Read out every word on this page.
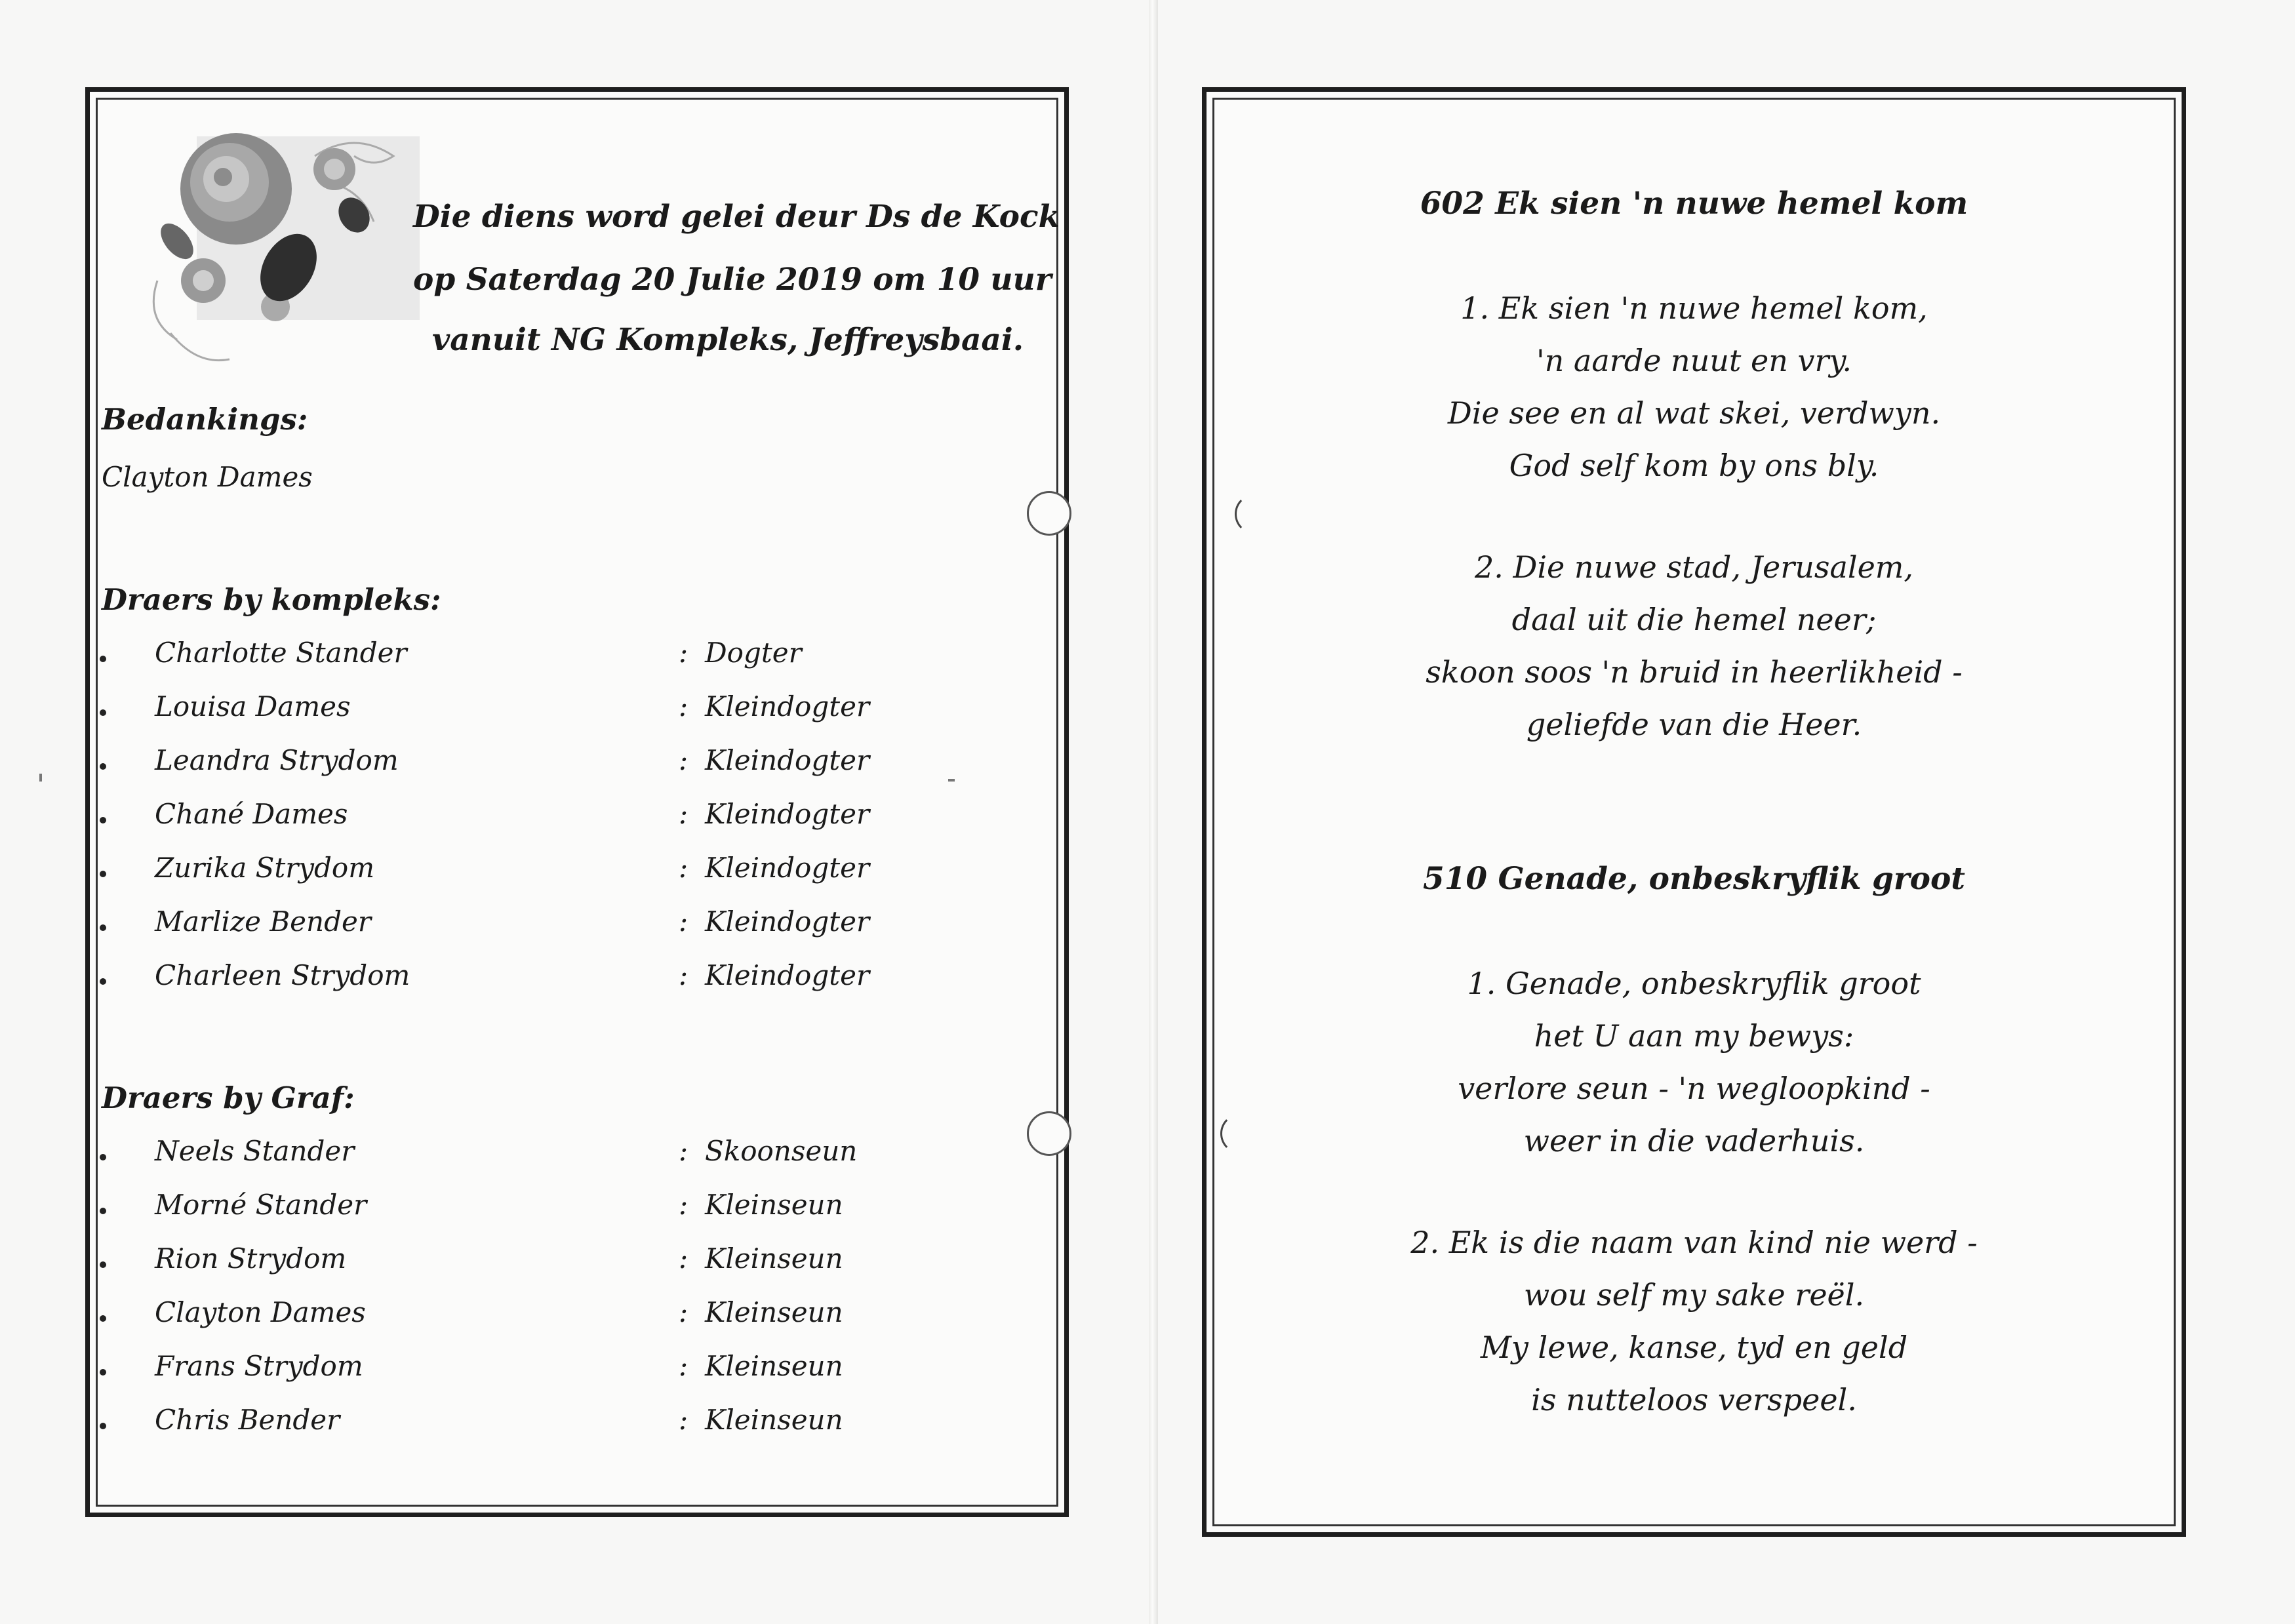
Die diens word gelei deur Ds de Kock
op Saterdag 20 Julie 2019 om 10 uur
vanuit NG Kompleks, Jeffreysbaai.
Bedankings:
Clayton Dames
Draers by kompleks:
Charlotte Stander	: Dogter
Louisa Dames	: Kleindogter
Leandra Strydom	: Kleindogter
Chané Dames	: Kleindogter
Zurika Strydom	: Kleindogter
Marlize Bender	: Kleindogter
Charleen Strydom	: Kleindogter
Draers by Graf:
Neels Stander	: Skoonseun
Morné Stander	: Kleinseun
Rion Strydom	: Kleinseun
Clayton Dames	: Kleinseun
Frans Strydom	: Kleinseun
Chris Bender	: Kleinseun
602 Ek sien 'n nuwe hemel kom
1. Ek sien 'n nuwe hemel kom,
'n aarde nuut en vry.
Die see en al wat skei, verdwyn.
God self kom by ons bly.
2. Die nuwe stad, Jerusalem,
daal uit die hemel neer;
skoon soos 'n bruid in heerlikheid -
geliefde van die Heer.
510 Genade, onbeskryflik groot
1. Genade, onbeskryflik groot
het U aan my bewys:
verlore seun - 'n wegloopkind -
weer in die vaderhuis.
2. Ek is die naam van kind nie werd -
wou self my sake reël.
My lewe, kanse, tyd en geld
is nutteloos verspeel.
